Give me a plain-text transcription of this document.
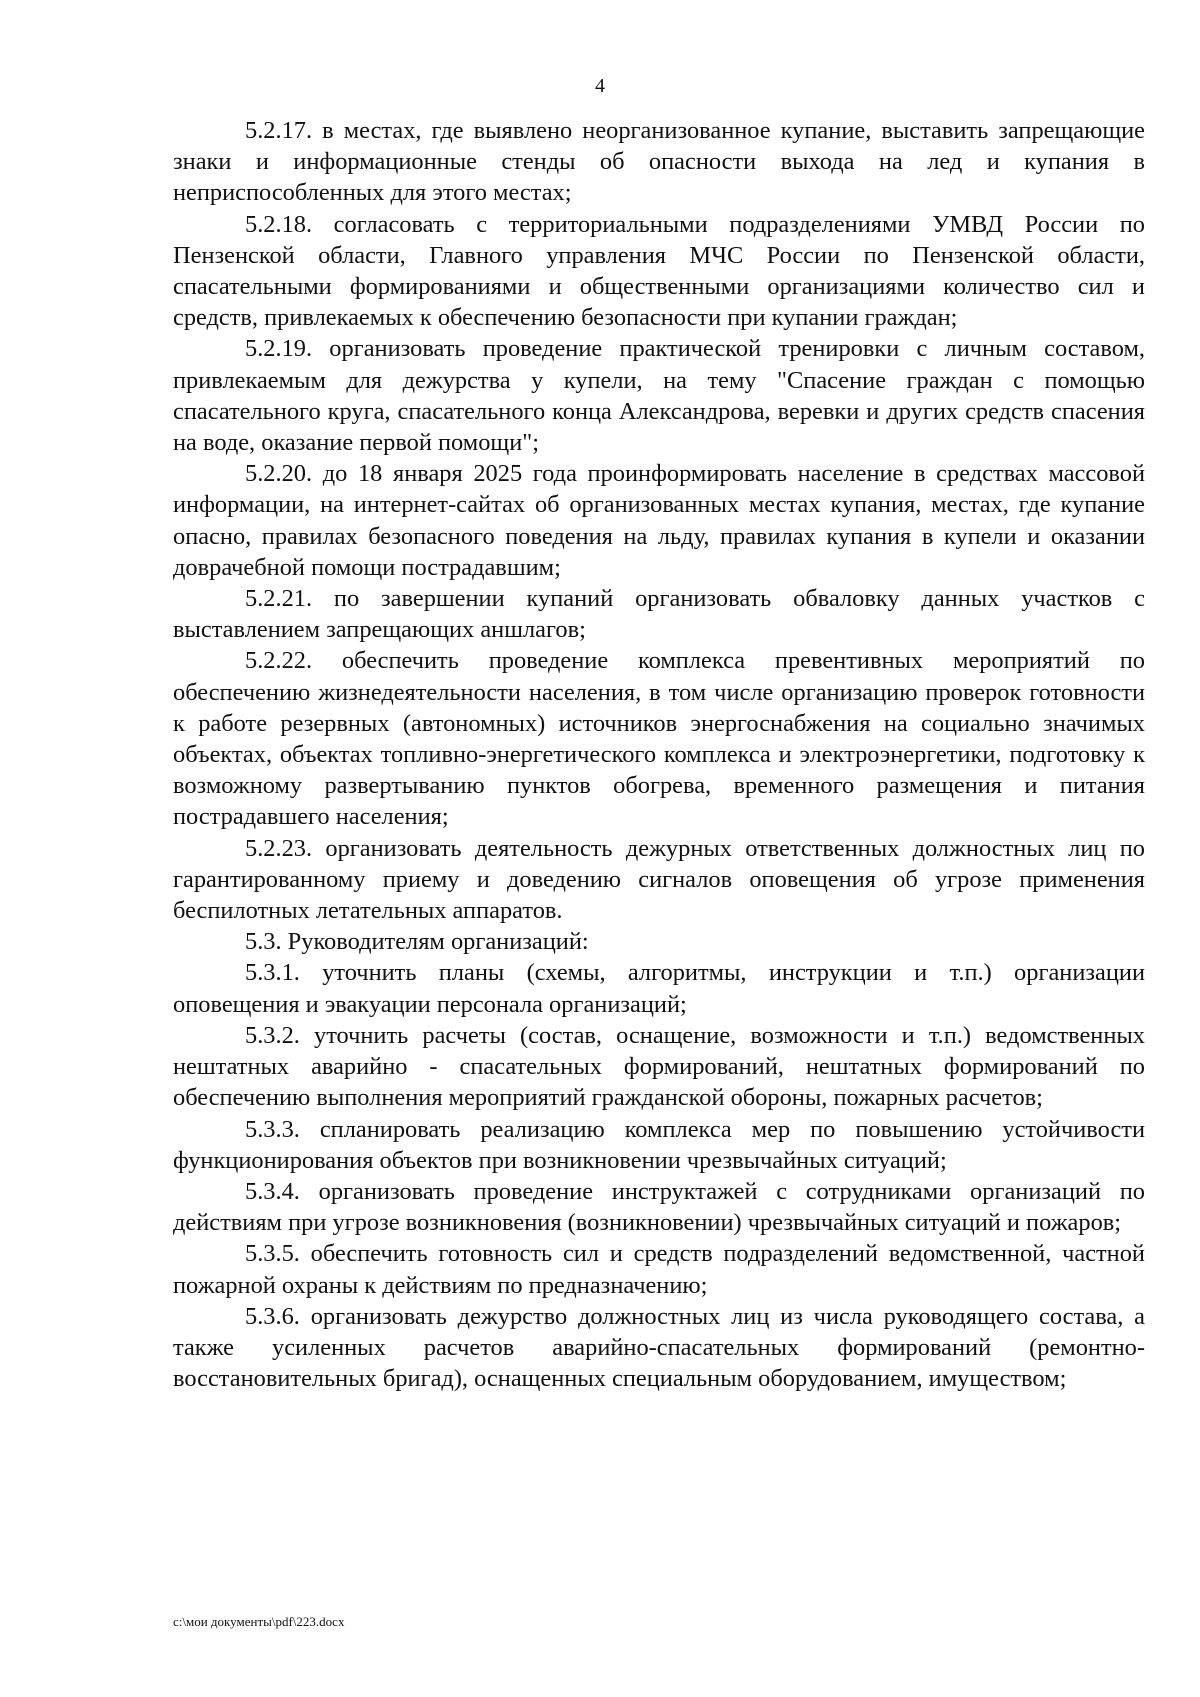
4

5.2.17. в местах, где выявлено неорганизованное купание, выставить запрещающие знаки и информационные стенды об опасности выхода на лед и купания в неприспособленных для этого местах;

5.2.18. согласовать с территориальными подразделениями УМВД России по Пензенской области, Главного управления МЧС России по Пензенской области, спасательными формированиями и общественными организациями количество сил и средств, привлекаемых к обеспечению безопасности при купании граждан;

5.2.19. организовать проведение практической тренировки с личным составом, привлекаемым для дежурства у купели, на тему "Спасение граждан с помощью спасательного круга, спасательного конца Александрова, веревки и других средств спасения на воде, оказание первой помощи";

5.2.20. до 18 января 2025 года проинформировать население в средствах массовой информации, на интернет-сайтах об организованных местах купания, местах, где купание опасно, правилах безопасного поведения на льду, правилах купания в купели и оказании доврачебной помощи пострадавшим;

5.2.21. по завершении купаний организовать обваловку данных участков с выставлением запрещающих аншлагов;

5.2.22. обеспечить проведение комплекса превентивных мероприятий по обеспечению жизнедеятельности населения, в том числе организацию проверок готовности к работе резервных (автономных) источников энергоснабжения на социально значимых объектах, объектах топливно-энергетического комплекса и электроэнергетики, подготовку к возможному развертыванию пунктов обогрева, временного размещения и питания пострадавшего населения;

5.2.23. организовать деятельность дежурных ответственных должностных лиц по гарантированному приему и доведению сигналов оповещения об угрозе применения беспилотных летательных аппаратов.

5.3. Руководителям организаций:

5.3.1. уточнить планы (схемы, алгоритмы, инструкции и т.п.) организации оповещения и эвакуации персонала организаций;

5.3.2. уточнить расчеты (состав, оснащение, возможности и т.п.) ведомственных нештатных аварийно - спасательных формирований, нештатных формирований по обеспечению выполнения мероприятий гражданской обороны, пожарных расчетов;

5.3.3. спланировать реализацию комплекса мер по повышению устойчивости функционирования объектов при возникновении чрезвычайных ситуаций;

5.3.4. организовать проведение инструктажей с сотрудниками организаций по действиям при угрозе возникновения (возникновении) чрезвычайных ситуаций и пожаров;

5.3.5. обеспечить готовность сил и средств подразделений ведомственной, частной пожарной охраны к действиям по предназначению;

5.3.6. организовать дежурство должностных лиц из числа руководящего состава, а также усиленных расчетов аварийно-спасательных формирований (ремонтно-восстановительных бригад), оснащенных специальным оборудованием, имуществом;

c:\мои документы\pdf\223.docx
